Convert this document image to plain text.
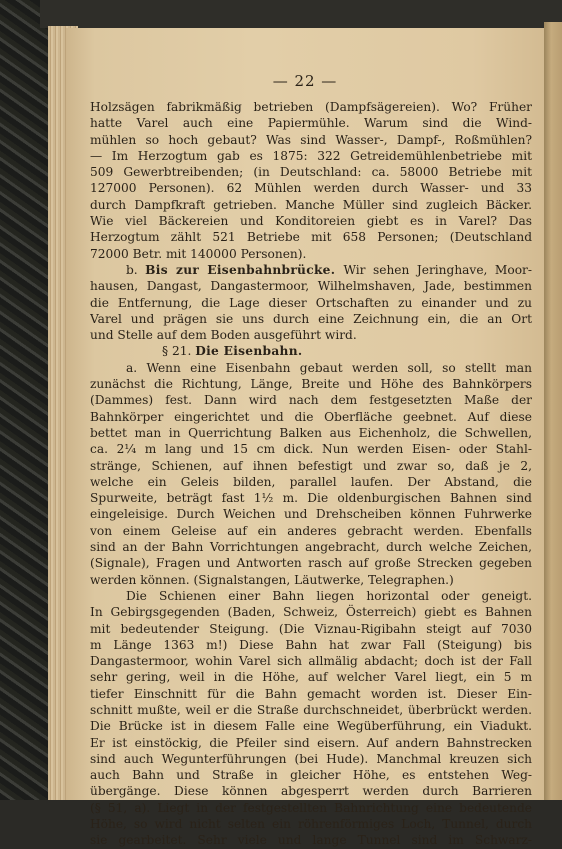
— 22 —
Holzsägen fabrikmäßig betrieben (Dampfsägereien). Wo? Früher
hatte Varel auch eine Papiermühle. Warum sind die Wind-
mühlen so hoch gebaut? Was sind Wasser-, Dampf-, Roßmühlen?
— Im Herzogtum gab es 1875: 322 Getreidemühlenbetriebe mit
509 Gewerbtreibenden; (in Deutschland: ca. 58000 Betriebe mit
127000 Personen). 62 Mühlen werden durch Wasser- und 33
durch Dampfkraft getrieben. Manche Müller sind zugleich Bäcker.
Wie viel Bäckereien und Konditoreien giebt es in Varel? Das
Herzogtum zählt 521 Betriebe mit 658 Personen; (Deutschland
72000 Betr. mit 140000 Personen).
b. Bis zur Eisenbahnbrücke. Wir sehen Jeringhave, Moor-
hausen, Dangast, Dangastermoor, Wilhelmshaven, Jade, bestimmen
die Entfernung, die Lage dieser Ortschaften zu einander und zu
Varel und prägen sie uns durch eine Zeichnung ein, die an Ort
und Stelle auf dem Boden ausgeführt wird.
§ 21. Die Eisenbahn.
a. Wenn eine Eisenbahn gebaut werden soll, so stellt man
zunächst die Richtung, Länge, Breite und Höhe des Bahnkörpers
(Dammes) fest. Dann wird nach dem festgesetzten Maße der
Bahnkörper eingerichtet und die Oberfläche geebnet. Auf diese
bettet man in Querrichtung Balken aus Eichenholz, die Schwellen,
ca. 2¼ m lang und 15 cm dick. Nun werden Eisen- oder Stahl-
stränge, Schienen, auf ihnen befestigt und zwar so, daß je 2,
welche ein Geleis bilden, parallel laufen. Der Abstand, die
Spurweite, beträgt fast 1½ m. Die oldenburgischen Bahnen sind
eingeleisige. Durch Weichen und Drehscheiben können Fuhrwerke
von einem Geleise auf ein anderes gebracht werden. Ebenfalls
sind an der Bahn Vorrichtungen angebracht, durch welche Zeichen,
(Signale), Fragen und Antworten rasch auf große Strecken gegeben
werden können. (Signalstangen, Läutwerke, Telegraphen.)
Die Schienen einer Bahn liegen horizontal oder geneigt.
In Gebirgsgegenden (Baden, Schweiz, Österreich) giebt es Bahnen
mit bedeutender Steigung. (Die Viznau-Rigibahn steigt auf 7030
m Länge 1363 m!) Diese Bahn hat zwar Fall (Steigung) bis
Dangastermoor, wohin Varel sich allmälig abdacht; doch ist der Fall
sehr gering, weil in die Höhe, auf welcher Varel liegt, ein 5 m
tiefer Einschnitt für die Bahn gemacht worden ist. Dieser Ein-
schnitt mußte, weil er die Straße durchschneidet, überbrückt werden.
Die Brücke ist in diesem Falle eine Wegüberführung, ein Viadukt.
Er ist einstöckig, die Pfeiler sind eisern. Auf andern Bahnstrecken
sind auch Wegunterführungen (bei Hude). Manchmal kreuzen sich
auch Bahn und Straße in gleicher Höhe, es entstehen Weg-
übergänge. Diese können abgesperrt werden durch Barrieren
(§ 51, a). Liegt in der festgestellten Bahnrichtung eine bedeutende
Höhe, so wird nicht selten ein röhrenförmiges Loch, Tunnel, durch
sie gearbeitet. Sehr viele und lange Tunnel sind im Schwarz-
